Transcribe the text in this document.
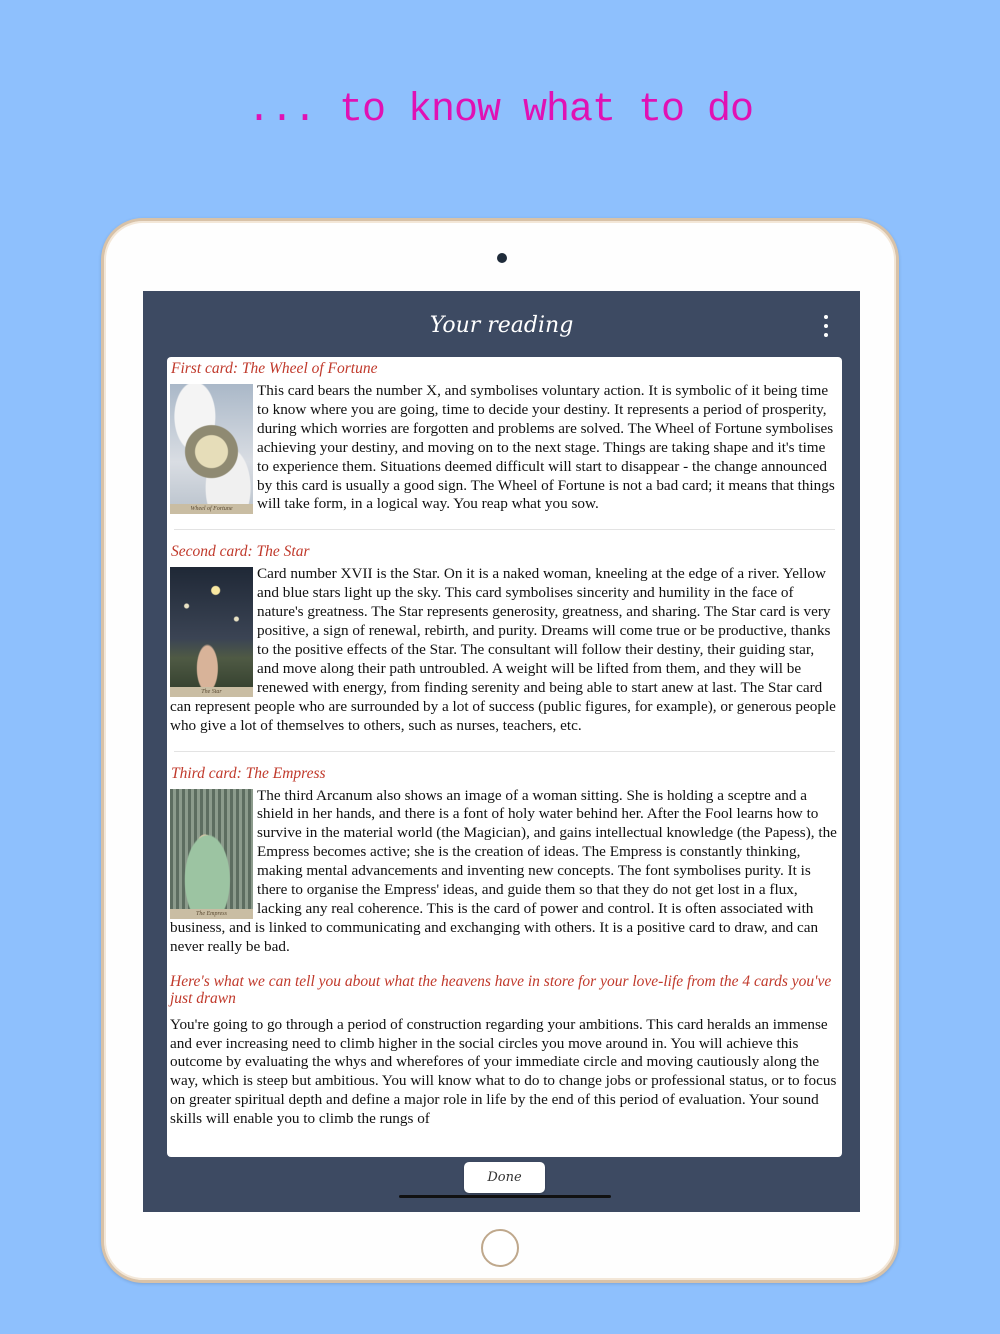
... to know what to do
Your reading

First card: The Wheel of Fortune

Wheel of Fortune

This card bears the number X, and symbolises voluntary action. It is symbolic of it being time to know where you are going, time to decide your destiny. It represents a period of prosperity, during which worries are forgotten and problems are solved. The Wheel of Fortune symbolises achieving your destiny, and moving on to the next stage. Things are taking shape and it's time to experience them. Situations deemed difficult will start to disappear - the change announced by this card is usually a good sign. The Wheel of Fortune is not a bad card; it means that things will take form, in a logical way. You reap what you sow.

Second card: The Star

The Star

Card number XVII is the Star. On it is a naked woman, kneeling at the edge of a river. Yellow and blue stars light up the sky. This card symbolises sincerity and humility in the face of nature's greatness. The Star represents generosity, greatness, and sharing. The Star card is very positive, a sign of renewal, rebirth, and purity. Dreams will come true or be productive, thanks to the positive effects of the Star. The consultant will follow their destiny, their guiding star, and move along their path untroubled. A weight will be lifted from them, and they will be renewed with energy, from finding serenity and being able to start anew at last. The Star card can represent people who are surrounded by a lot of success (public figures, for example), or generous people who give a lot of themselves to others, such as nurses, teachers, etc.

Third card: The Empress

The Empress

The third Arcanum also shows an image of a woman sitting. She is holding a sceptre and a shield in her hands, and there is a font of holy water behind her. After the Fool learns how to survive in the material world (the Magician), and gains intellectual knowledge (the Papess), the Empress becomes active; she is the creation of ideas. The Empress is constantly thinking, making mental advancements and inventing new concepts. The font symbolises purity. It is there to organise the Empress' ideas, and guide them so that they do not get lost in a flux, lacking any real coherence. This is the card of power and control. It is often associated with business, and is linked to communicating and exchanging with others. It is a positive card to draw, and can never really be bad.

Here's what we can tell you about what the heavens have in store for your love-life from the 4 cards you've just drawn

You're going to go through a period of construction regarding your ambitions. This card heralds an immense and ever increasing need to climb higher in the social circles you move around in. You will achieve this outcome by evaluating the whys and wherefores of your immediate circle and moving cautiously along the way, which is steep but ambitious. You will know what to do to change jobs or professional status, or to focus on greater spiritual depth and define a major role in life by the end of this period of evaluation. Your sound skills will enable you to climb the rungs of

Done
